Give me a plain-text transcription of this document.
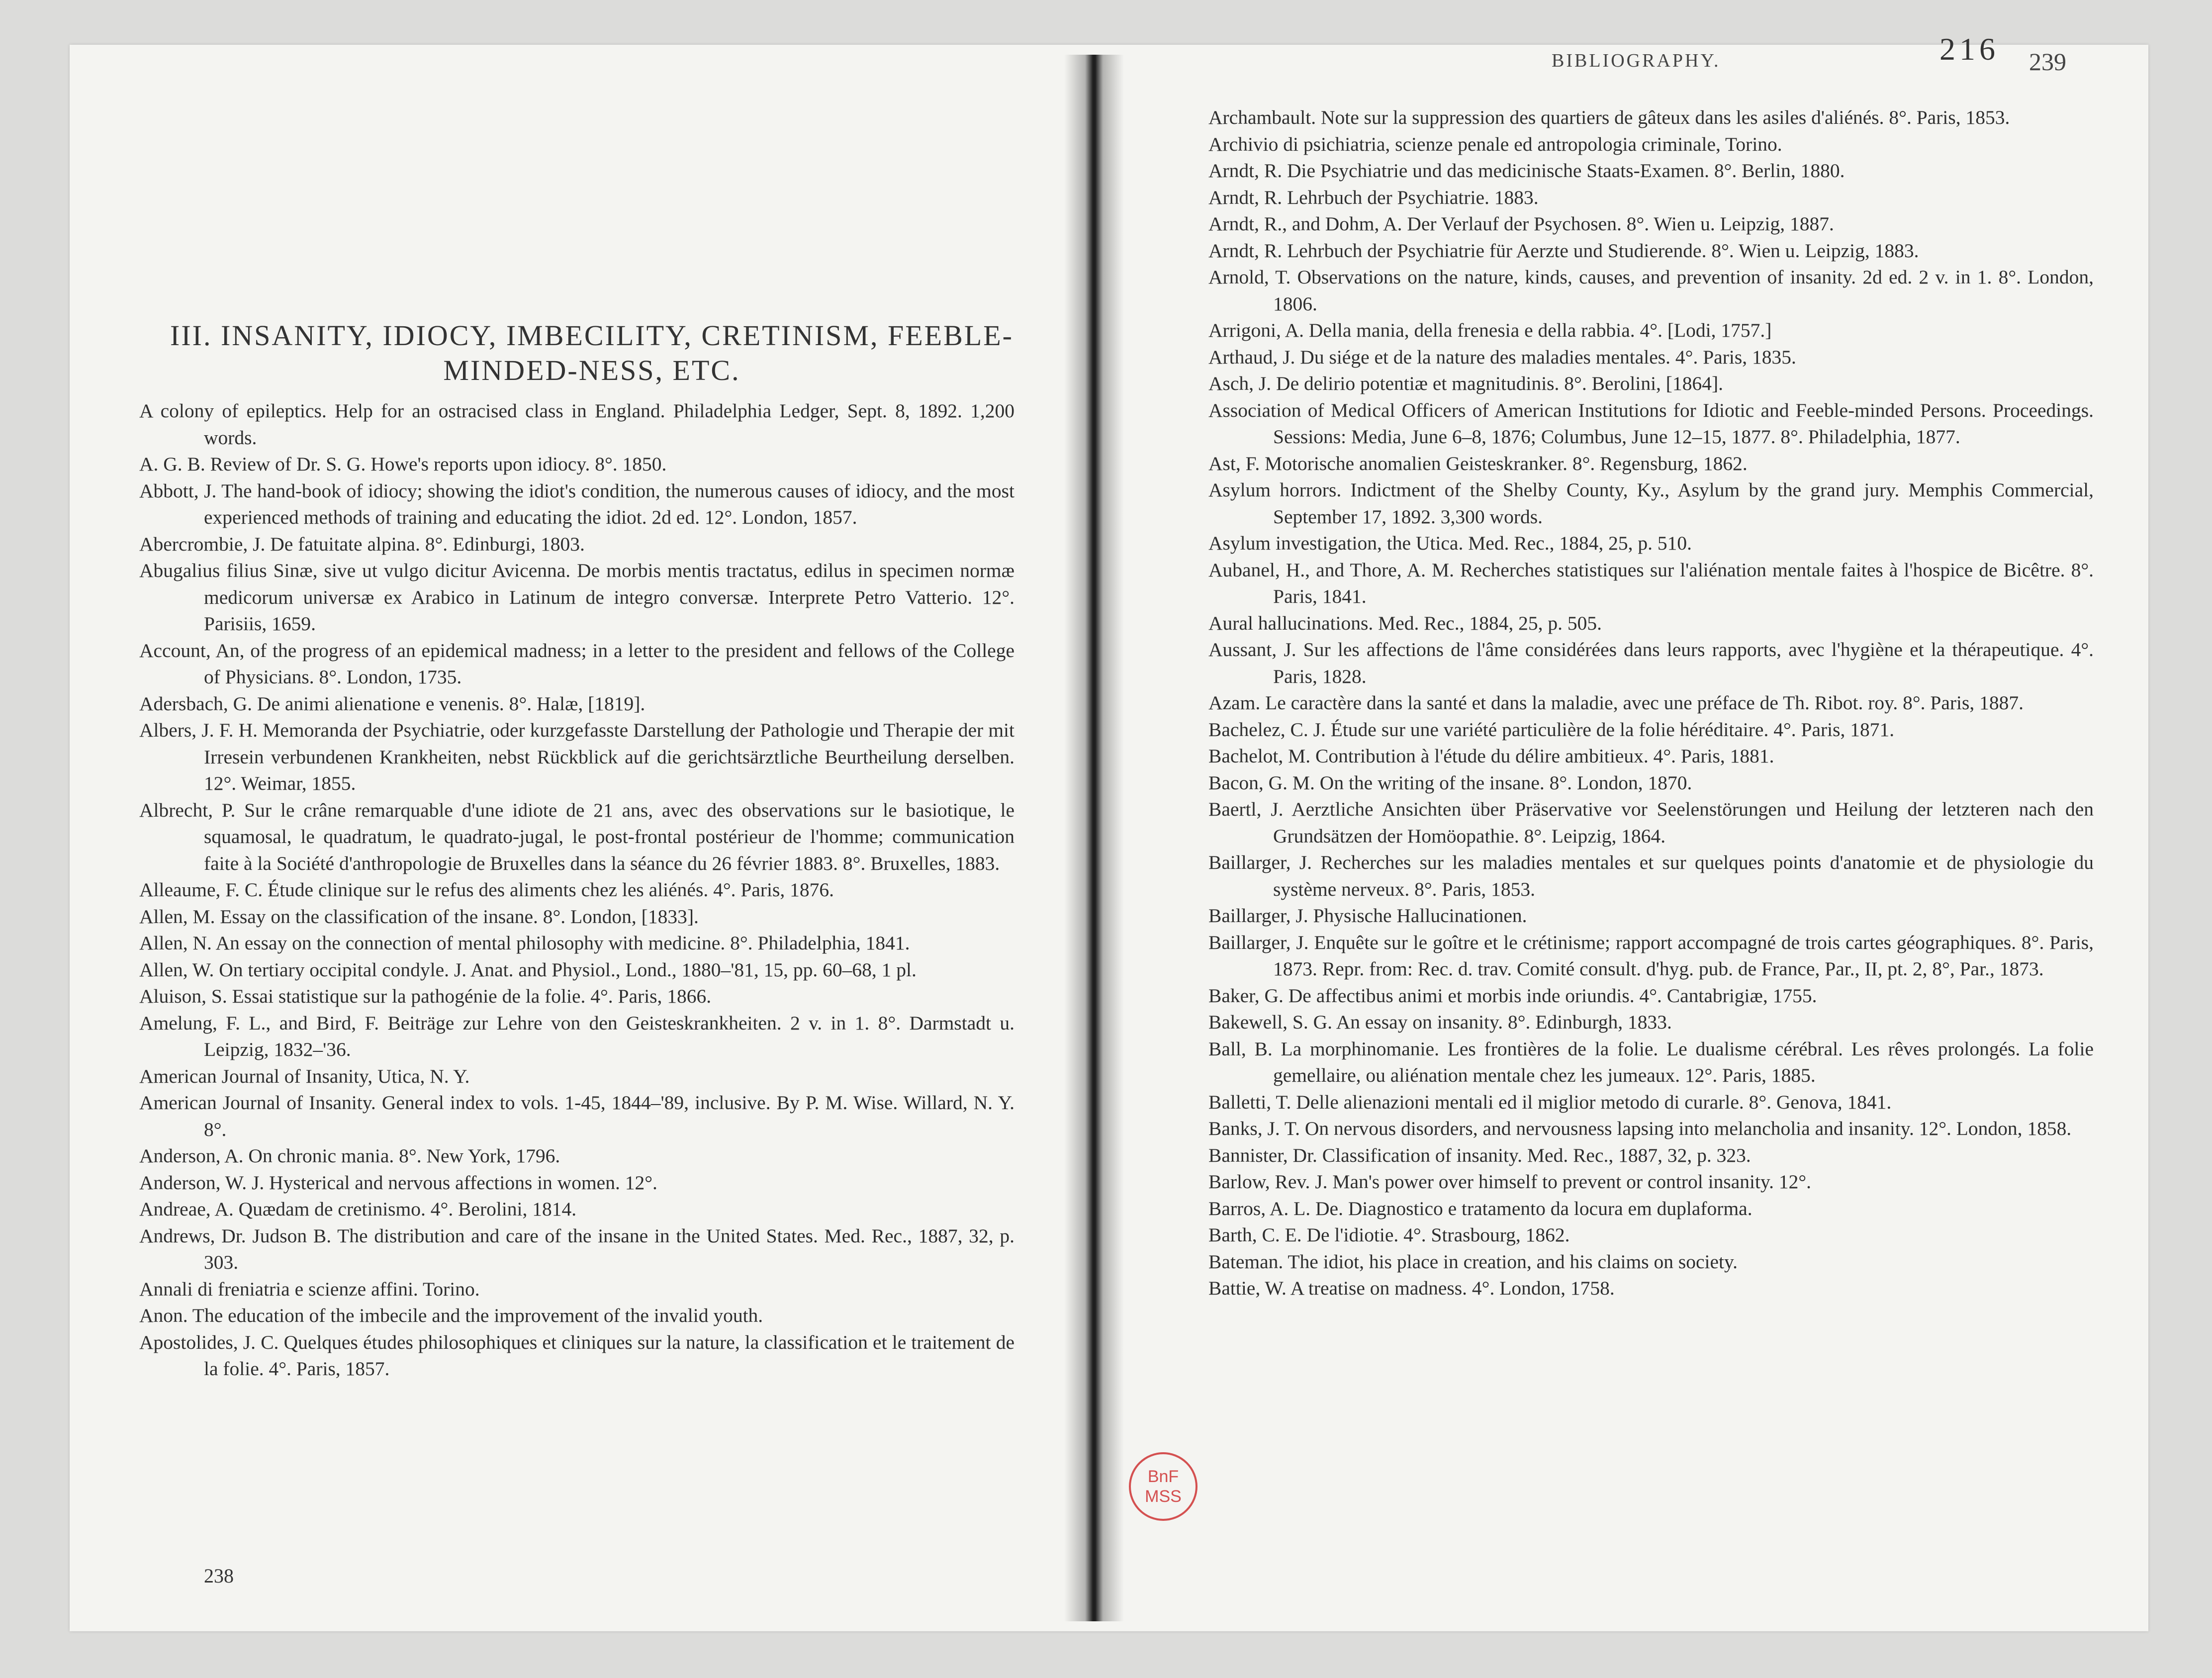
BIBLIOGRAPHY.	216 239
III. INSANITY, IDIOCY, IMBECILITY, CRETINISM, FEEBLE-MINDED-NESS, ETC.

A colony of epileptics. Help for an ostracised class in England. Philadelphia Ledger, Sept. 8, 1892. 1,200 words.

A. G. B. Review of Dr. S. G. Howe's reports upon idiocy. 8°. 1850.

Abbott, J. The hand-book of idiocy; showing the idiot's condition, the numerous causes of idiocy, and the most experienced methods of training and educating the idiot. 2d ed. 12°. London, 1857.

Abercrombie, J. De fatuitate alpina. 8°. Edinburgi, 1803.

Abugalius filius Sinæ, sive ut vulgo dicitur Avicenna. De morbis mentis tractatus, edilus in specimen normæ medicorum universæ ex Arabico in Latinum de integro conversæ. Interprete Petro Vatterio. 12°. Parisiis, 1659.

Account, An, of the progress of an epidemical madness; in a letter to the president and fellows of the College of Physicians. 8°. London, 1735.

Adersbach, G. De animi alienatione e venenis. 8°. Halæ, [1819].

Albers, J. F. H. Memoranda der Psychiatrie, oder kurzgefasste Darstellung der Pathologie und Therapie der mit Irresein verbundenen Krankheiten, nebst Rückblick auf die gerichtsärztliche Beurtheilung derselben. 12°. Weimar, 1855.

Albrecht, P. Sur le crâne remarquable d'une idiote de 21 ans, avec des observations sur le basiotique, le squamosal, le quadratum, le quadrato-jugal, le post-frontal postérieur de l'homme; communication faite à la Société d'anthropologie de Bruxelles dans la séance du 26 février 1883. 8°. Bruxelles, 1883.

Alleaume, F. C. Étude clinique sur le refus des aliments chez les aliénés. 4°. Paris, 1876.

Allen, M. Essay on the classification of the insane. 8°. London, [1833].

Allen, N. An essay on the connection of mental philosophy with medicine. 8°. Philadelphia, 1841.

Allen, W. On tertiary occipital condyle. J. Anat. and Physiol., Lond., 1880–'81, 15, pp. 60–68, 1 pl.

Aluison, S. Essai statistique sur la pathogénie de la folie. 4°. Paris, 1866.

Amelung, F. L., and Bird, F. Beiträge zur Lehre von den Geisteskrankheiten. 2 v. in 1. 8°. Darmstadt u. Leipzig, 1832–'36.

American Journal of Insanity, Utica, N. Y.

American Journal of Insanity. General index to vols. 1-45, 1844–'89, inclusive. By P. M. Wise. Willard, N. Y. 8°.

Anderson, A. On chronic mania. 8°. New York, 1796.

Anderson, W. J. Hysterical and nervous affections in women. 12°.

Andreae, A. Quædam de cretinismo. 4°. Berolini, 1814.

Andrews, Dr. Judson B. The distribution and care of the insane in the United States. Med. Rec., 1887, 32, p. 303.

Annali di freniatria e scienze affini. Torino.

Anon. The education of the imbecile and the improvement of the invalid youth.

Apostolides, J. C. Quelques études philosophiques et cliniques sur la nature, la classification et le traitement de la folie. 4°. Paris, 1857.

Archambault. Note sur la suppression des quartiers de gâteux dans les asiles d'aliénés. 8°. Paris, 1853.

Archivio di psichiatria, scienze penale ed antropologia criminale, Torino.

Arndt, R. Die Psychiatrie und das medicinische Staats-Examen. 8°. Berlin, 1880.

Arndt, R. Lehrbuch der Psychiatrie. 1883.

Arndt, R., and Dohm, A. Der Verlauf der Psychosen. 8°. Wien u. Leipzig, 1887.

Arndt, R. Lehrbuch der Psychiatrie für Aerzte und Studierende. 8°. Wien u. Leipzig, 1883.

Arnold, T. Observations on the nature, kinds, causes, and prevention of insanity. 2d ed. 2 v. in 1. 8°. London, 1806.

Arrigoni, A. Della mania, della frenesia e della rabbia. 4°. [Lodi, 1757.]

Arthaud, J. Du siége et de la nature des maladies mentales. 4°. Paris, 1835.

Asch, J. De delirio potentiæ et magnitudinis. 8°. Berolini, [1864].

Association of Medical Officers of American Institutions for Idiotic and Feeble-minded Persons. Proceedings. Sessions: Media, June 6–8, 1876; Columbus, June 12–15, 1877. 8°. Philadelphia, 1877.

Ast, F. Motorische anomalien Geisteskranker. 8°. Regensburg, 1862.

Asylum horrors. Indictment of the Shelby County, Ky., Asylum by the grand jury. Memphis Commercial, September 17, 1892. 3,300 words.

Asylum investigation, the Utica. Med. Rec., 1884, 25, p. 510.

Aubanel, H., and Thore, A. M. Recherches statistiques sur l'aliénation mentale faites à l'hospice de Bicêtre. 8°. Paris, 1841.

Aural hallucinations. Med. Rec., 1884, 25, p. 505.

Aussant, J. Sur les affections de l'âme considérées dans leurs rapports, avec l'hygiène et la thérapeutique. 4°. Paris, 1828.

Azam. Le caractère dans la santé et dans la maladie, avec une préface de Th. Ribot. roy. 8°. Paris, 1887.

Bachelez, C. J. Étude sur une variété particulière de la folie héréditaire. 4°. Paris, 1871.

Bachelot, M. Contribution à l'étude du délire ambitieux. 4°. Paris, 1881.

Bacon, G. M. On the writing of the insane. 8°. London, 1870.

Baertl, J. Aerztliche Ansichten über Präservative vor Seelenstörungen und Heilung der letzteren nach den Grundsätzen der Homöopathie. 8°. Leipzig, 1864.

Baillarger, J. Recherches sur les maladies mentales et sur quelques points d'anatomie et de physiologie du système nerveux. 8°. Paris, 1853.

Baillarger, J. Physische Hallucinationen.

Baillarger, J. Enquête sur le goître et le crétinisme; rapport accompagné de trois cartes géographiques. 8°. Paris, 1873. Repr. from: Rec. d. trav. Comité consult. d'hyg. pub. de France, Par., II, pt. 2, 8°, Par., 1873.

Baker, G. De affectibus animi et morbis inde oriundis. 4°. Cantabrigiæ, 1755.

Bakewell, S. G. An essay on insanity. 8°. Edinburgh, 1833.

Ball, B. La morphinomanie. Les frontières de la folie. Le dualisme cérébral. Les rêves prolongés. La folie gemellaire, ou aliénation mentale chez les jumeaux. 12°. Paris, 1885.

Balletti, T. Delle alienazioni mentali ed il miglior metodo di curarle. 8°. Genova, 1841.

Banks, J. T. On nervous disorders, and nervousness lapsing into melancholia and insanity. 12°. London, 1858.

Bannister, Dr. Classification of insanity. Med. Rec., 1887, 32, p. 323.

Barlow, Rev. J. Man's power over himself to prevent or control insanity. 12°.

Barros, A. L. De. Diagnostico e tratamento da locura em duplaforma.

Barth, C. E. De l'idiotie. 4°. Strasbourg, 1862.

Bateman. The idiot, his place in creation, and his claims on society.

Battie, W. A treatise on madness. 4°. London, 1758.

238
BnF
MSS
